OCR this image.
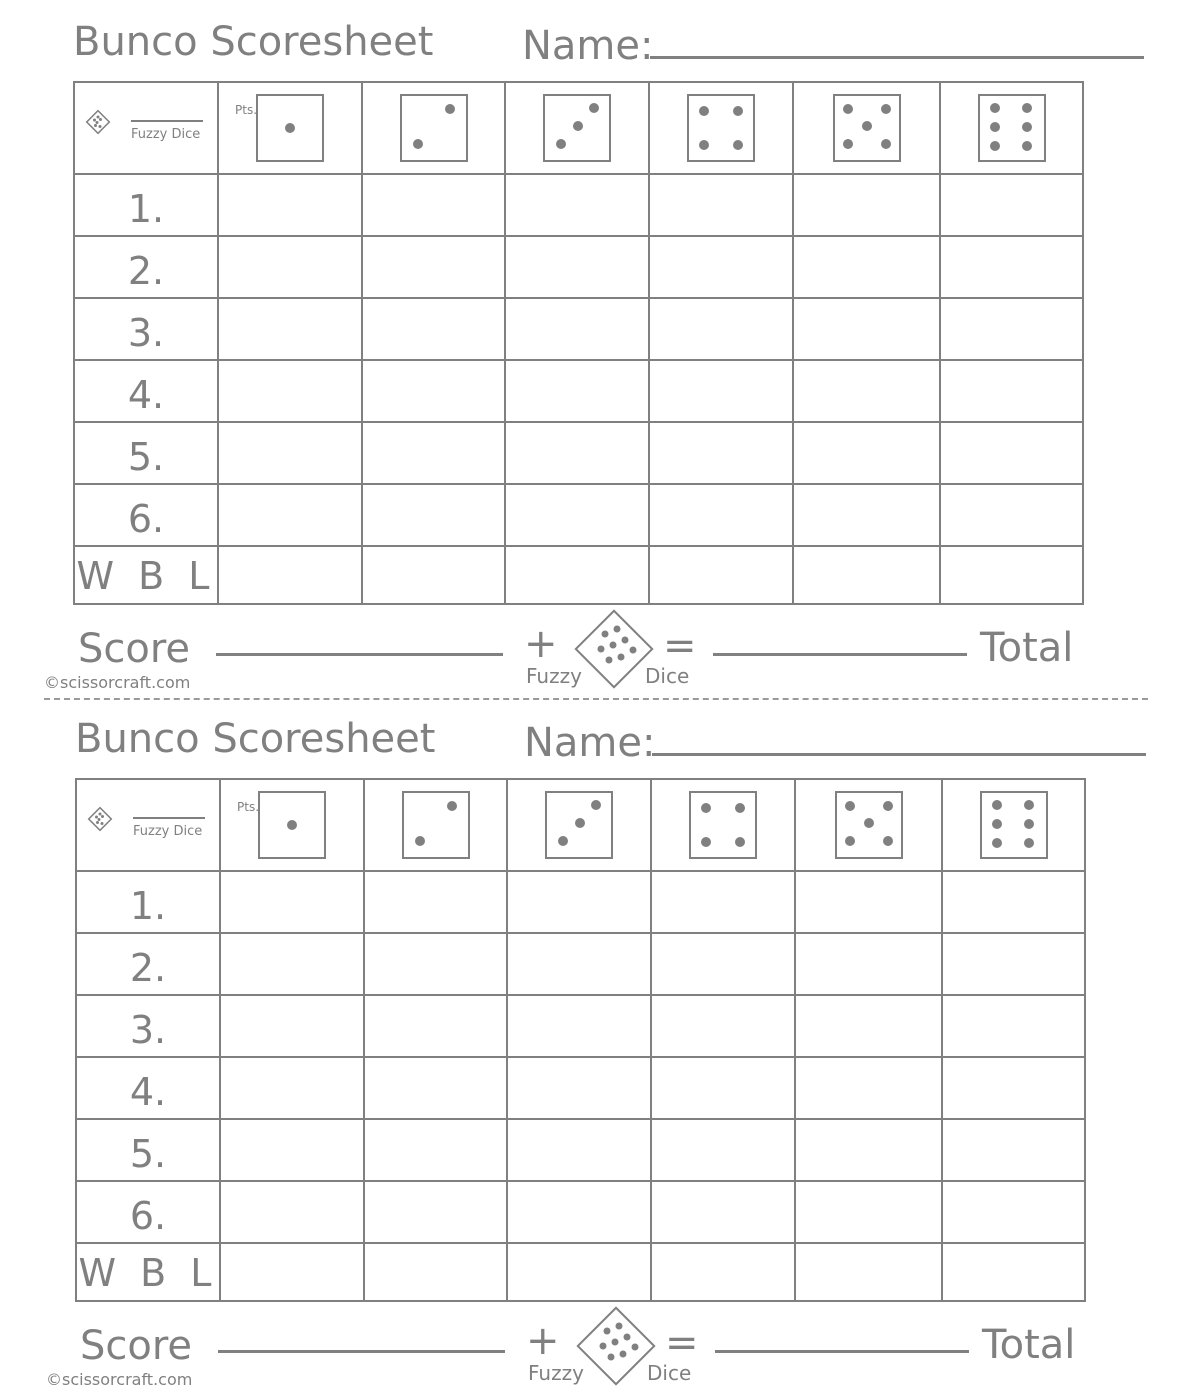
Bunco Scoresheet Name:
Pts.
Fuzzy Dice

1.						
2.						
3.						
4.						
5.						
6.						
W B L						
Score	+
Fuzzy	Dice
=	Total
©scissorcraft.com
Bunco Scoresheet Name:
Pts.
Fuzzy Dice

1.						
2.						
3.						
4.						
5.						
6.						
W B L						
Score	+
Fuzzy	Dice
=	Total
©scissorcraft.com
